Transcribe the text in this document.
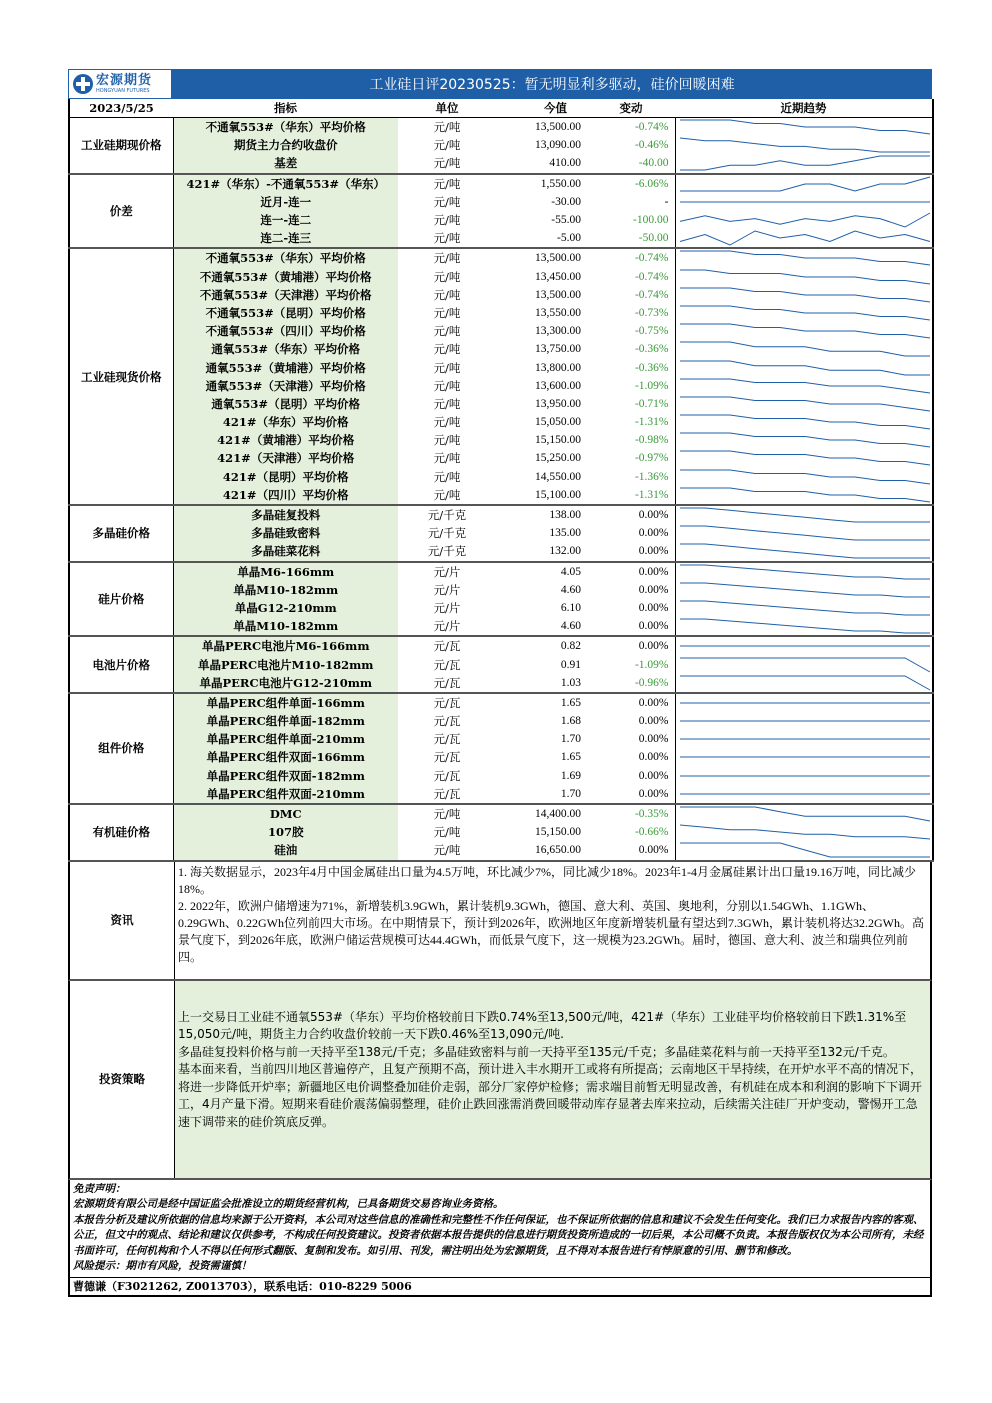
宏源期货
HONGYUAN FUTURES	工业硅日评20230525：暂无明显利多驱动，硅价回暖困难
2023/5/25	指标	单位	今值	变动	近期趋势
工业硅期现价格	不通氧553#（华东）平均价格	元/吨	13,500.00	-0.74%	

	期货主力合约收盘价	元/吨	13,090.00	-0.46%	

	基差	元/吨	410.00	-40.00	

价差	421#（华东）-不通氧553#（华东）	元/吨	1,550.00	-6.06%	

	近月-连一	元/吨	-30.00	-	

	连一-连二	元/吨	-55.00	-100.00	

	连二-连三	元/吨	-5.00	-50.00	

工业硅现货价格	不通氧553#（华东）平均价格	元/吨	13,500.00	-0.74%	

	不通氧553#（黄埔港）平均价格	元/吨	13,450.00	-0.74%	

	不通氧553#（天津港）平均价格	元/吨	13,500.00	-0.74%	

	不通氧553#（昆明）平均价格	元/吨	13,550.00	-0.73%	

	不通氧553#（四川）平均价格	元/吨	13,300.00	-0.75%	

	通氧553#（华东）平均价格	元/吨	13,750.00	-0.36%	

	通氧553#（黄埔港）平均价格	元/吨	13,800.00	-0.36%	

	通氧553#（天津港）平均价格	元/吨	13,600.00	-1.09%	

	通氧553#（昆明）平均价格	元/吨	13,950.00	-0.71%	

	421#（华东）平均价格	元/吨	15,050.00	-1.31%	

	421#（黄埔港）平均价格	元/吨	15,150.00	-0.98%	

	421#（天津港）平均价格	元/吨	15,250.00	-0.97%	

	421#（昆明）平均价格	元/吨	14,550.00	-1.36%	

	421#（四川）平均价格	元/吨	15,100.00	-1.31%	

多晶硅价格	多晶硅复投料	元/千克	138.00	0.00%	

	多晶硅致密料	元/千克	135.00	0.00%	

	多晶硅菜花料	元/千克	132.00	0.00%	

硅片价格	单晶M6-166mm	元/片	4.05	0.00%	

	单晶M10-182mm	元/片	4.60	0.00%	

	单晶G12-210mm	元/片	6.10	0.00%	

	单晶M10-182mm	元/片	4.60	0.00%	

电池片价格	单晶PERC电池片M6-166mm	元/瓦	0.82	0.00%	

	单晶PERC电池片M10-182mm	元/瓦	0.91	-1.09%	

	单晶PERC电池片G12-210mm	元/瓦	1.03	-0.96%	

组件价格	单晶PERC组件单面-166mm	元/瓦	1.65	0.00%	

	单晶PERC组件单面-182mm	元/瓦	1.68	0.00%	

	单晶PERC组件单面-210mm	元/瓦	1.70	0.00%	

	单晶PERC组件双面-166mm	元/瓦	1.65	0.00%	

	单晶PERC组件双面-182mm	元/瓦	1.69	0.00%	

	单晶PERC组件双面-210mm	元/瓦	1.70	0.00%	

有机硅价格	DMC	元/吨	14,400.00	-0.35%	

	107胶	元/吨	15,150.00	-0.66%	

	硅油	元/吨	16,650.00	0.00%	
资讯
1. 海关数据显示，2023年4月中国金属硅出口量为4.5万吨，环比减少7%，同比减少18%。2023年1-4月金属硅累计出口量19.16万吨，同比减少18%。
2. 2022年，欧洲户储增速为71%，新增装机3.9GWh，累计装机9.3GWh，德国、意大利、英国、奥地利，分别以1.54GWh、1.1GWh、0.29GWh、0.22GWh位列前四大市场。在中期情景下，预计到2026年，欧洲地区年度新增装机量有望达到7.3GWh，累计装机将达32.2GWh。高景气度下，到2026年底，欧洲户储运营规模可达44.4GWh，而低景气度下，这一规模为23.2GWh。届时，德国、意大利、波兰和瑞典位列前四。
投资策略
上一交易日工业硅不通氧553#（华东）平均价格较前日下跌0.74%至13,500元/吨，421#（华东）工业硅平均价格较前日下跌1.31%至15,050元/吨，期货主力合约收盘价较前一天下跌0.46%至13,090元/吨.
多晶硅复投料价格与前一天持平至138元/千克；多晶硅致密料与前一天持平至135元/千克；多晶硅菜花料与前一天持平至132元/千克。
基本面来看，当前四川地区普遍停产，且复产预期不高，预计进入丰水期开工或将有所提高；云南地区干旱持续，在开炉水平不高的情况下，将进一步降低开炉率；新疆地区电价调整叠加硅价走弱，部分厂家停炉检修；需求端目前暂无明显改善，有机硅在成本和利润的影响下下调开工，4月产量下滑。短期来看硅价震荡偏弱整理，硅价止跌回涨需消费回暖带动库存显著去库来拉动，后续需关注硅厂开炉变动，警惕开工急速下调带来的硅价筑底反弹。
免责声明：
宏源期货有限公司是经中国证监会批准设立的期货经营机构，已具备期货交易咨询业务资格。
本报告分析及建议所依据的信息均来源于公开资料，本公司对这些信息的准确性和完整性不作任何保证，也不保证所依据的信息和建议不会发生任何变化。我们已力求报告内容的客观、公正，但文中的观点、结论和建议仅供参考，不构成任何投资建议。投资者依据本报告提供的信息进行期货投资所造成的一切后果，本公司概不负责。本报告版权仅为本公司所有，未经书面许可，任何机构和个人不得以任何形式翻版、复制和发布。如引用、刊发，需注明出处为宏源期货，且不得对本报告进行有悖原意的引用、删节和修改。
风险提示：期市有风险，投资需谨慎！
曹德谦（F3021262, Z0013703），联系电话：010-8229 5006
